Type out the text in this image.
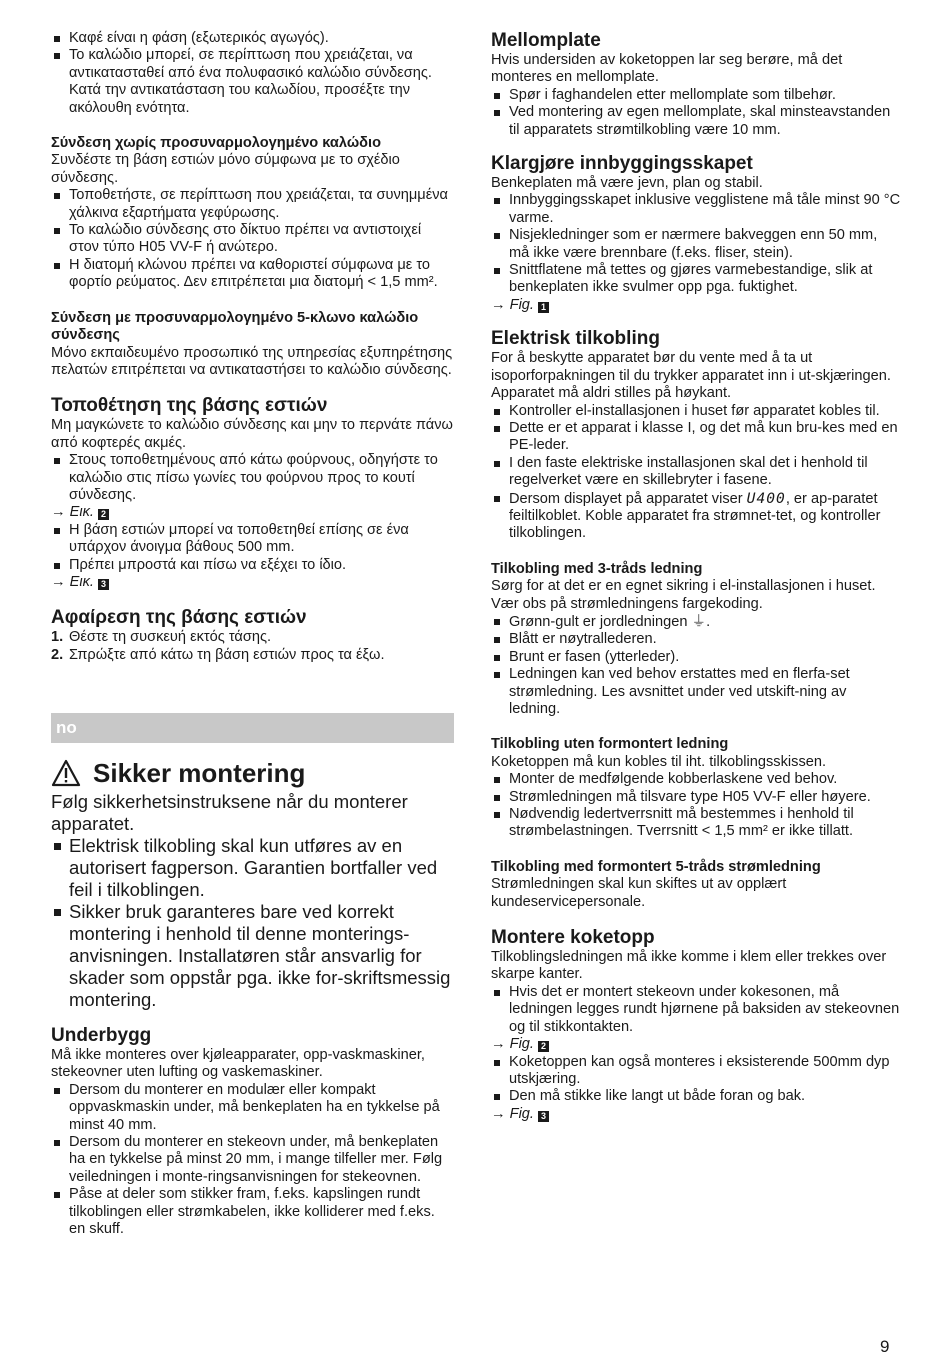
Καφέ είναι η φάση (εξωτερικός αγωγός).
Το καλώδιο μπορεί, σε περίπτωση που χρειάζεται, να αντικατασταθεί από ένα πολυφασικό καλώδιο σύνδεσης. Κατά την αντικατάσταση του καλωδίου, προσέξτε την ακόλουθη ενότητα.
Σύνδεση χωρίς προσυναρμολογημένο καλώδιο

Συνδέστε τη βάση εστιών μόνο σύμφωνα με το σχέδιο σύνδεσης.

Τοποθετήστε, σε περίπτωση που χρειάζεται, τα συνημμένα χάλκινα εξαρτήματα γεφύρωσης.
Το καλώδιο σύνδεσης στο δίκτυο πρέπει να αντιστοιχεί στον τύπο H05 VV-F ή ανώτερο.
Η διατομή κλώνου πρέπει να καθοριστεί σύμφωνα με το φορτίο ρεύματος. Δεν επιτρέπεται μια διατομή < 1,5 mm².
Σύνδεση με προσυναρμολογημένο 5-κλωνο καλώδιο σύνδεσης

Μόνο εκπαιδευμένο προσωπικό της υπηρεσίας εξυπηρέτησης πελατών επιτρέπεται να αντικαταστήσει το καλώδιο σύνδεσης.

Τοποθέτηση της βάσης εστιών

Μη μαγκώνετε το καλώδιο σύνδεσης και μην το περνάτε πάνω από κοφτερές ακμές.

Στους τοποθετημένους από κάτω φούρνους, οδηγήστε το καλώδιο στις πίσω γωνίες του φούρνου προς το κουτί σύνδεσης.

→ Εικ. 2

Η βάση εστιών μπορεί να τοποθετηθεί επίσης σε ένα υπάρχον άνοιγμα βάθους 500 mm.
Πρέπει μπροστά και πίσω να εξέχει το ίδιο.

→ Εικ. 3

Αφαίρεση της βάσης εστιών
1. Θέστε τη συσκευή εκτός τάσης.
2. Σπρώξτε από κάτω τη βάση εστιών προς τα έξω.
no
Sikker montering

Følg sikkerhetsinstruksene når du monterer apparatet.

Elektrisk tilkobling skal kun utføres av en autorisert fagperson. Garantien bortfaller ved feil i tilkoblingen.
Sikker bruk garanteres bare ved korrekt montering i henhold til denne monterings-anvisningen. Installatøren står ansvarlig for skader som oppstår pga. ikke for-skriftsmessig montering.
Underbygg

Må ikke monteres over kjøleapparater, opp-vaskmaskiner, stekeovner uten lufting og vaskemaskiner.

Dersom du monterer en modulær eller kompakt oppvaskmaskin under, må benkeplaten ha en tykkelse på minst 40 mm.
Dersom du monterer en stekeovn under, må benkeplaten ha en tykkelse på minst 20 mm, i mange tilfeller mer. Følg veiledningen i monte-ringsanvisningen for stekeovnen.
Påse at deler som stikker fram, f.eks. kapslingen rundt tilkoblingen eller strømkabelen, ikke kolliderer med f.eks. en skuff.
Mellomplate

Hvis undersiden av koketoppen lar seg berøre, må det monteres en mellomplate.

Spør i faghandelen etter mellomplate som tilbehør.
Ved montering av egen mellomplate, skal minsteavstanden til apparatets strømtilkobling være 10 mm.
Klargjøre innbyggingsskapet

Benkeplaten må være jevn, plan og stabil.

Innbyggingsskapet inklusive vegglistene må tåle minst 90 °C varme.
Nisjekledninger som er nærmere bakveggen enn 50 mm, må ikke være brennbare (f.eks. fliser, stein).
Snittflatene må tettes og gjøres varmebestandige, slik at benkeplaten ikke svulmer opp pga. fuktighet.

→ Fig. 1

Elektrisk tilkobling

For å beskytte apparatet bør du vente med å ta ut isoporforpakningen til du trykker apparatet inn i ut-skjæringen. Apparatet må aldri stilles på høykant.

Kontroller el-installasjonen i huset før apparatet kobles til.
Dette er et apparat i klasse I, og det må kun bru-kes med en PE-leder.
I den faste elektriske installasjonen skal det i henhold til regelverket være en skillebryter i fasene.
Dersom displayet på apparatet viser U400, er ap-paratet feiltilkoblet. Koble apparatet fra strømnet-tet, og kontroller tilkoblingen.
Tilkobling med 3-tråds ledning

Sørg for at det er en egnet sikring i el-installasjonen i huset.

Vær obs på strømledningens fargekoding.

Grønn-gult er jordledningen ⏚.
Blått er nøytrallederen.
Brunt er fasen (ytterleder).
Ledningen kan ved behov erstattes med en flerfa-set strømledning. Les avsnittet under ved utskift-ning av ledning.
Tilkobling uten formontert ledning

Koketoppen må kun kobles til iht. tilkoblingsskissen.

Monter de medfølgende kobberlaskene ved behov.
Strømledningen må tilsvare type H05 VV-F eller høyere.
Nødvendig ledertverrsnitt må bestemmes i henhold til strømbelastningen. Tverrsnitt < 1,5 mm² er ikke tillatt.
Tilkobling med formontert 5-tråds strømledning

Strømledningen skal kun skiftes ut av opplært kundeservicepersonale.

Montere koketopp

Tilkoblingsledningen må ikke komme i klem eller trekkes over skarpe kanter.

Hvis det er montert stekeovn under kokesonen, må ledningen legges rundt hjørnene på baksiden av stekeovnen og til stikkontakten.

→ Fig. 2

Koketoppen kan også monteres i eksisterende 500mm dyp utskjæring.
Den må stikke like langt ut både foran og bak.

→ Fig. 3

9
